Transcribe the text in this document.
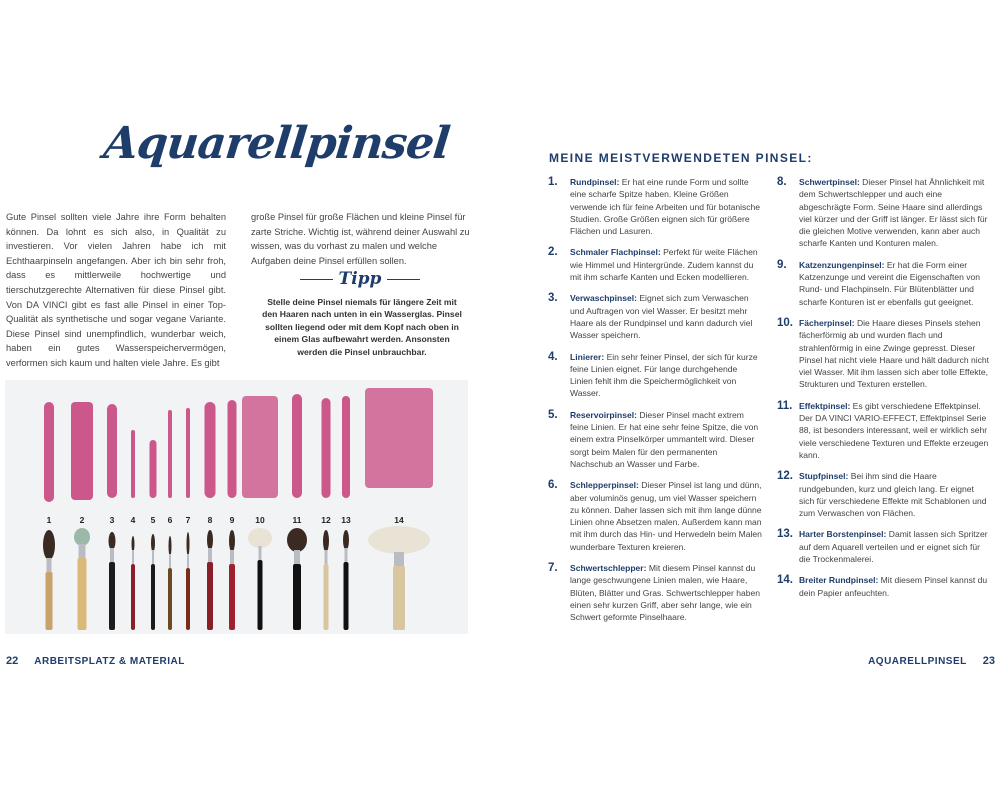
Aquarellpinsel

Gute Pinsel sollten viele Jahre ihre Form behalten können. Da lohnt es sich also, in Qualität zu investieren. Vor vielen Jahren habe ich mit Echthaarpinseln angefangen. Aber ich bin sehr froh, dass es mittlerweile hochwertige und tierschutzgerechte Alternativen für diese Pinsel gibt. Von DA VINCI gibt es fast alle Pinsel in einer Top-Qualität als synthetische und sogar vegane Variante. Diese Pinsel sind unempfindlich, wunderbar weich, haben ein gutes Wasserspeichervermögen, verformen sich kaum und halten viele Jahre. Es gibt

große Pinsel für große Flächen und kleine Pinsel für zarte Striche. Wichtig ist, während deiner Auswahl zu wissen, was du vorhast zu malen und welche Aufgaben deine Pinsel erfüllen sollen.

Tipp

Stelle deine Pinsel niemals für längere Zeit mit den Haaren nach unten in ein Wasserglas. Pinsel sollten liegend oder mit dem Kopf nach oben in einem Glas aufbewahrt werden. Ansonsten werden die Pinsel unbrauchbar.

1	2	3 4 5 6 7 8 9 10	11 12 13	14
22 ARBEITSPLATZ & MATERIAL
MEINE MEISTVERWENDETEN PINSEL:
1.	Rundpinsel: Er hat eine runde Form und sollte eine scharfe Spitze haben. Kleine Größen verwende ich für feine Arbeiten und für botanische Studien. Große Größen eignen sich für größere Flächen und Lasuren.
2.	Schmaler Flachpinsel: Perfekt für weite Flächen wie Himmel und Hintergründe. Zudem kannst du mit ihm scharfe Kanten und Ecken modellieren.
3.	Verwaschpinsel: Eignet sich zum Verwaschen und Auftragen von viel Wasser. Er besitzt mehr Haare als der Rundpinsel und kann dadurch viel Wasser speichern.
4.	Linierer: Ein sehr feiner Pinsel, der sich für kurze feine Linien eignet. Für lange durchgehende Linien fehlt ihm die Speichermöglichkeit von Wasser.
5.	Reservoirpinsel: Dieser Pinsel macht extrem feine Linien. Er hat eine sehr feine Spitze, die von einem extra Pinselkörper ummantelt wird. Dieser sorgt beim Malen für den permanenten Nachschub an Wasser und Farbe.
6.	Schlepperpinsel: Dieser Pinsel ist lang und dünn, aber voluminös genug, um viel Wasser speichern zu können. Daher lassen sich mit ihm lange dünne Linien ohne Absetzen malen. Außerdem kann man mit ihm durch das Hin- und Herwedeln beim Malen wunderbare Texturen kreieren.
7.	Schwertschlepper: Mit diesem Pinsel kannst du lange geschwungene Linien malen, wie Haare, Blüten, Blätter und Gras. Schwertschlepper haben einen sehr kurzen Griff, aber sehr lange, wie ein Schwert geformte Pinselhaare.
8.	Schwertpinsel: Dieser Pinsel hat Ähnlichkeit mit dem Schwertschlepper und auch eine abgeschrägte Form. Seine Haare sind allerdings viel kürzer und der Griff ist länger. Er lässt sich für die gleichen Motive verwenden, kann aber auch scharfe Kanten und Konturen malen.
9.	Katzenzungenpinsel: Er hat die Form einer Katzenzunge und vereint die Eigenschaften von Rund- und Flachpinseln. Für Blütenblätter und scharfe Konturen ist er ebenfalls gut geeignet.
10. Fächerpinsel: Die Haare dieses Pinsels stehen fächerförmig ab und wurden flach und strahlenförmig in eine Zwinge gepresst. Dieser Pinsel hat nicht viele Haare und hält dadurch nicht viel Wasser. Mit ihm lassen sich aber tolle Effekte, Strukturen und Texturen erstellen.
11. Effektpinsel: Es gibt verschiedene Effektpinsel. Der DA VINCI VARIO-EFFECT, Effektpinsel Serie 88, ist besonders interessant, weil er wirklich sehr viele verschiedene Texturen und Effekte erzeugen kann.
12. Stupfpinsel: Bei ihm sind die Haare rundgebunden, kurz und gleich lang. Er eignet sich für verschiedene Effekte mit Schablonen und zum Verwaschen von Flächen.
13. Harter Borstenpinsel: Damit lassen sich Spritzer auf dem Aquarell verteilen und er eignet sich für die Trockenmalerei.
14. Breiter Rundpinsel: Mit diesem Pinsel kannst du dein Papier anfeuchten.
AQUARELLPINSEL 23
